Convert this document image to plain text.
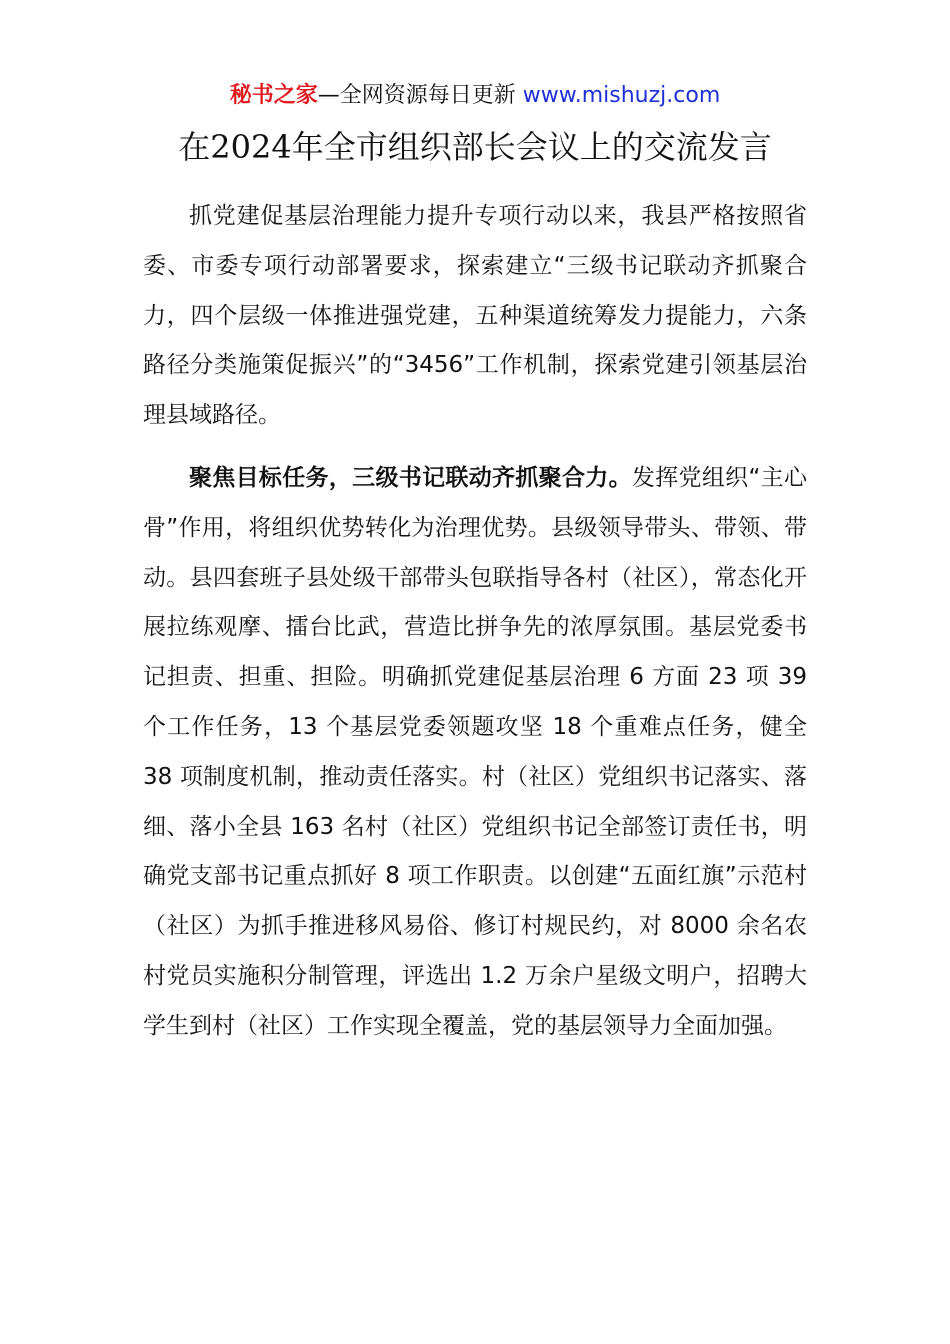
秘书之家—全网资源每日更新 www.mishuzj.com
在2024年全市组织部长会议上的交流发言

抓党建促基层治理能力提升专项行动以来，我县严格按照省委、市委专项行动部署要求，探索建立“三级书记联动齐抓聚合力，四个层级一体推进强党建，五种渠道统筹发力提能力，六条路径分类施策促振兴”的“3456”工作机制，探索党建引领基层治理县域路径。

聚焦目标任务，三级书记联动齐抓聚合力。发挥党组织“主心骨”作用，将组织优势转化为治理优势。县级领导带头、带领、带动。县四套班子县处级干部带头包联指导各村（社区），常态化开展拉练观摩、擂台比武，营造比拼争先的浓厚氛围。基层党委书记担责、担重、担险。明确抓党建促基层治理 6 方面 23 项 39 个工作任务，13 个基层党委领题攻坚 18 个重难点任务，健全 38 项制度机制，推动责任落实。村（社区）党组织书记落实、落细、落小全县 163 名村（社区）党组织书记全部签订责任书，明确党支部书记重点抓好 8 项工作职责。以创建“五面红旗”示范村（社区）为抓手推进移风易俗、修订村规民约，对 8000 余名农村党员实施积分制管理，评选出 1.2 万余户星级文明户，招聘大学生到村（社区）工作实现全覆盖，党的基层领导力全面加强。
